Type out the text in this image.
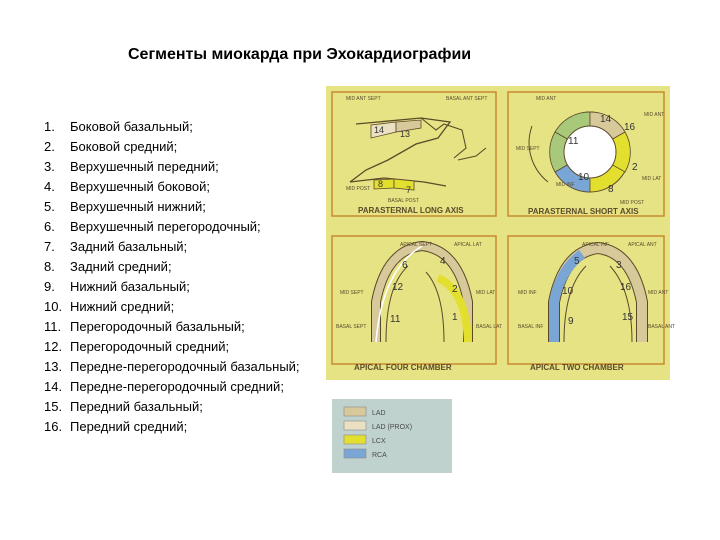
Сегменты миокарда при Эхокардиографии
1.	Боковой базальный;
2.	Боковой средний;
3.	Верхушечный передний;
4.	Верхушечный боковой;
5.	Верхушечный нижний;
6.	Верхушечный перегородочный;
7.	Задний базальный;
8.	Задний средний;
9.	Нижний базальный;
10. Нижний средний;
11. Перегородочный базальный;
12. Перегородочный средний;
13. Передне-перегородочный базальный;
14. Передне-перегородочный средний;
15. Передний базальный;
16. Передний средний;
MID ANT SEPT	BASAL ANT SEPT
MID POST
BASAL POST
14 13
8
7
PARASTERNAL LONG AXIS
MID ANT
MID SEPT
MID INF
MID LAT
MID POST
MID ANT
14
16
11
10
8
2
PARASTERNAL SHORT AXIS
APICAL SEPT	APICAL LAT
MID SEPT	MID LAT
BASAL SEPT	BASAL LAT
6	4
12	2
11	1
APICAL FOUR CHAMBER
APICAL INF	APICAL ANT
MID INF	MID ANT
BASAL INF	BASAL ANT
5	3
10	16
9	15
APICAL TWO CHAMBER
LAD
LAD (PROX)
LCX
RCA
